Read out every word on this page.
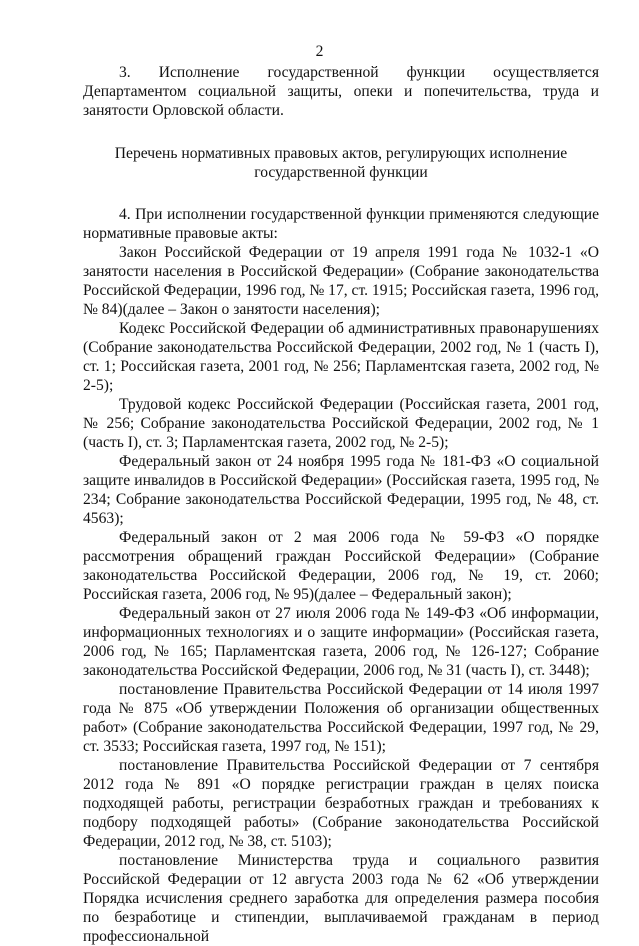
2

3. Исполнение государственной функции осуществляется Департаментом социальной защиты, опеки и попечительства, труда и занятости Орловской области.

Перечень нормативных правовых актов, регулирующих исполнение
государственной функции

4. При исполнении государственной функции применяются следующие нормативные правовые акты:

Закон Российской Федерации от 19 апреля 1991 года № 1032-1 «О занятости населения в Российской Федерации» (Собрание законодательства Российской Федерации, 1996 год, № 17, ст. 1915; Российская газета, 1996 год, № 84)(далее – Закон о занятости населения);

Кодекс Российской Федерации об административных правонарушениях (Собрание законодательства Российской Федерации, 2002 год, № 1 (часть I), ст. 1; Российская газета, 2001 год, № 256; Парламентская газета, 2002 год, № 2-5);

Трудовой кодекс Российской Федерации (Российская газета, 2001 год, № 256; Собрание законодательства Российской Федерации, 2002 год, № 1 (часть I), ст. 3; Парламентская газета, 2002 год, № 2-5);

Федеральный закон от 24 ноября 1995 года № 181-ФЗ «О социальной защите инвалидов в Российской Федерации» (Российская газета, 1995 год, № 234; Собрание законодательства Российской Федерации, 1995 год, № 48, ст. 4563);

Федеральный закон от 2 мая 2006 года № 59-ФЗ «О порядке рассмотрения обращений граждан Российской Федерации» (Собрание законодательства Российской Федерации, 2006 год, № 19, ст. 2060; Российская газета, 2006 год, № 95)(далее – Федеральный закон);

Федеральный закон от 27 июля 2006 года № 149-ФЗ «Об информации, информационных технологиях и о защите информации» (Российская газета, 2006 год, № 165; Парламентская газета, 2006 год, № 126-127; Собрание законодательства Российской Федерации, 2006 год, № 31 (часть I), ст. 3448);

постановление Правительства Российской Федерации от 14 июля 1997 года № 875 «Об утверждении Положения об организации общественных работ» (Собрание законодательства Российской Федерации, 1997 год, № 29, ст. 3533; Российская газета, 1997 год, № 151);

постановление Правительства Российской Федерации от 7 сентября 2012 года № 891 «О порядке регистрации граждан в целях поиска подходящей работы, регистрации безработных граждан и требованиях к подбору подходящей работы» (Собрание законодательства Российской Федерации, 2012 год, № 38, ст. 5103);

постановление Министерства труда и социального развития Российской Федерации от 12 августа 2003 года № 62 «Об утверждении Порядка исчисления среднего заработка для определения размера пособия по безработице и стипендии, выплачиваемой гражданам в период профессиональной
